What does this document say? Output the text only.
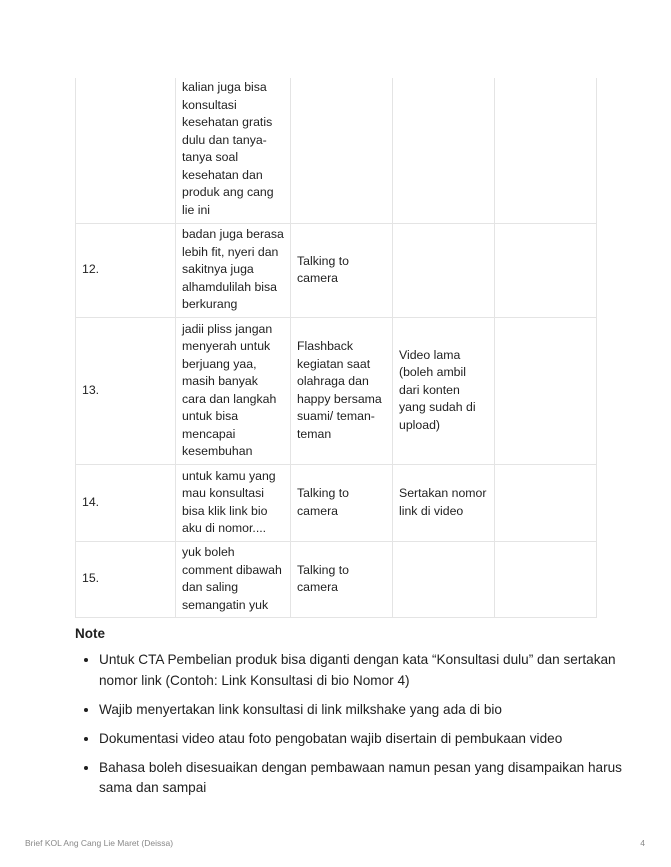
	kalian juga bisa konsultasi kesehatan gratis dulu dan tanya-tanya soal kesehatan dan produk ang cang lie ini			
12.	badan juga berasa lebih fit, nyeri dan sakitnya juga alhamdulilah bisa berkurang	Talking to camera		
13.	jadii pliss jangan menyerah untuk berjuang yaa, masih banyak cara dan langkah untuk bisa mencapai kesembuhan	Flashback kegiatan saat olahraga dan happy bersama suami/ teman-teman	Video lama (boleh ambil dari konten yang sudah di upload)	
14.	untuk kamu yang mau konsultasi bisa klik link bio aku di nomor....	Talking to camera	Sertakan nomor link di video	
15.	yuk boleh comment dibawah dan saling semangatin yuk	Talking to camera		
Note
• Untuk CTA Pembelian produk bisa diganti dengan kata “Konsultasi dulu” dan sertakan nomor link (Contoh: Link Konsultasi di bio Nomor 4)
• Wajib menyertakan link konsultasi di link milkshake yang ada di bio
• Dokumentasi video atau foto pengobatan wajib disertain di pembukaan video
• Bahasa boleh disesuaikan dengan pembawaan namun pesan yang disampaikan harus sama dan sampai
Brief KOL Ang Cang Lie Maret (Deissa)	4
